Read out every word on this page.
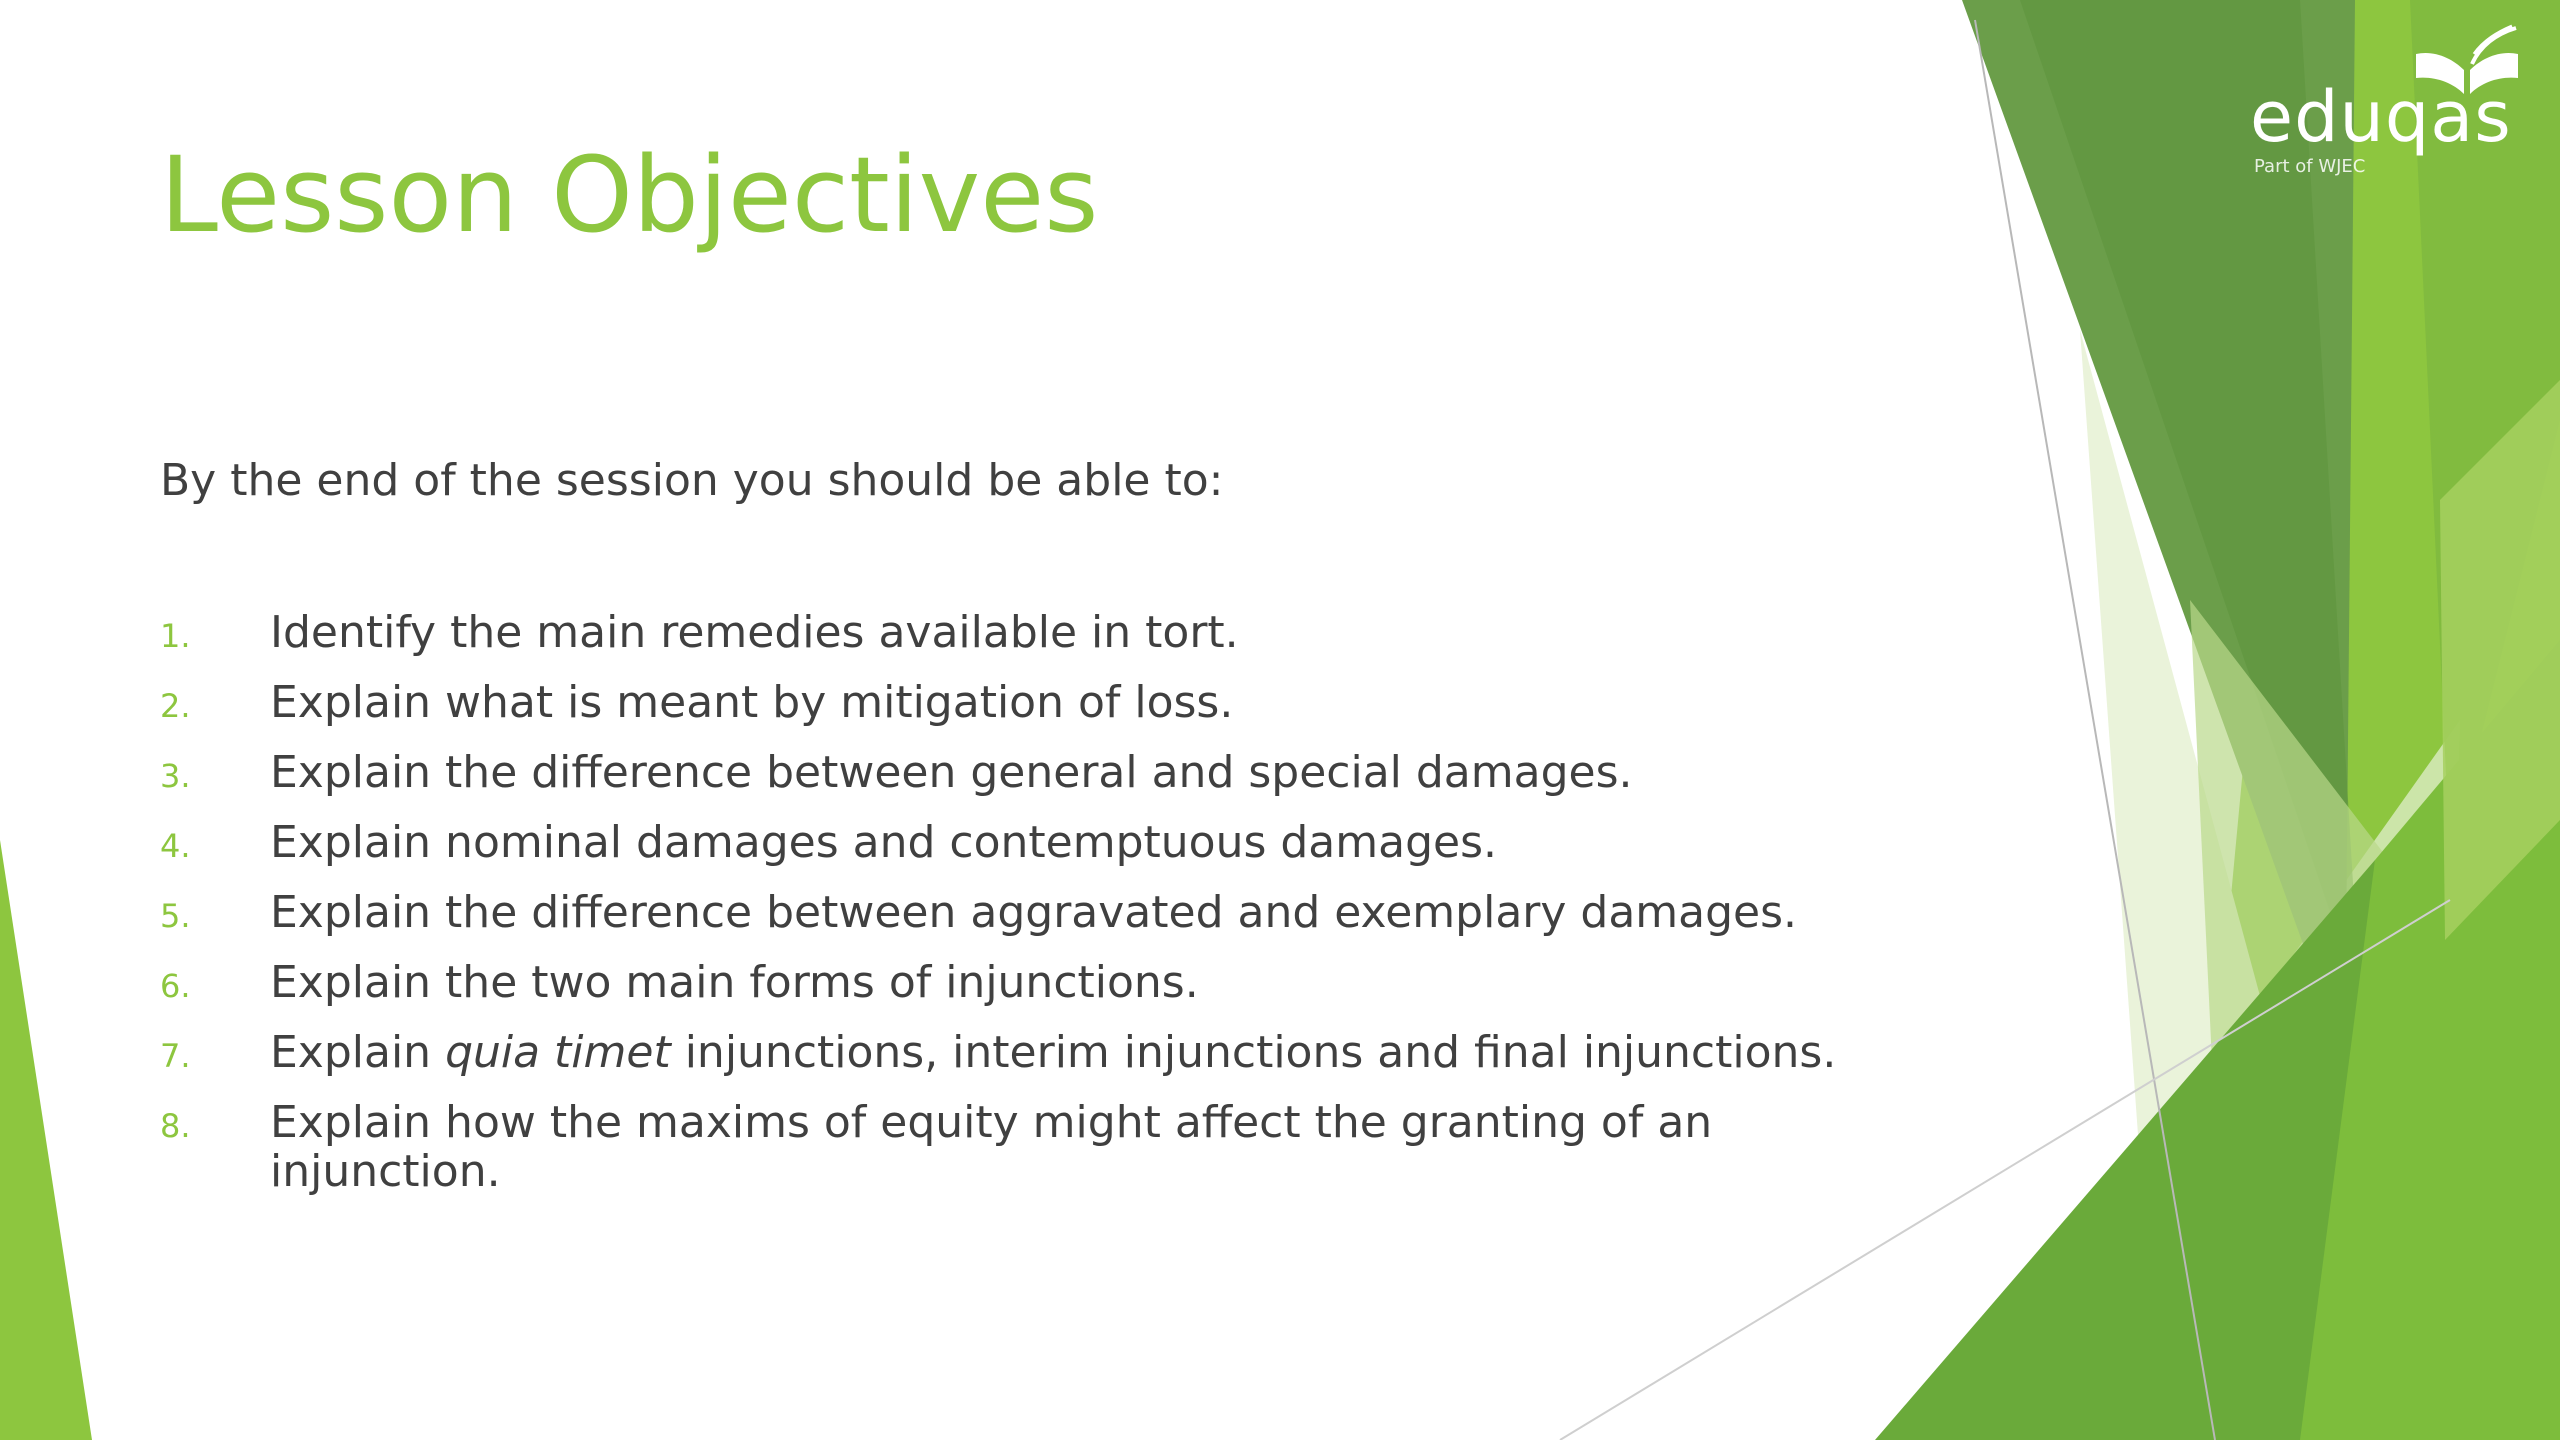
Lesson Objectives

By the end of the session you should be able to:

1. Identify the main remedies available in tort.
2. Explain what is meant by mitigation of loss.
3. Explain the difference between general and special damages.
4. Explain nominal damages and contemptuous damages.
5. Explain the difference between aggravated and exemplary damages.
6. Explain the two main forms of injunctions.
7. Explain quia timet injunctions, interim injunctions and final injunctions.
8. Explain how the maxims of equity might affect the granting of an injunction.
eduqas
Part of WJEC
